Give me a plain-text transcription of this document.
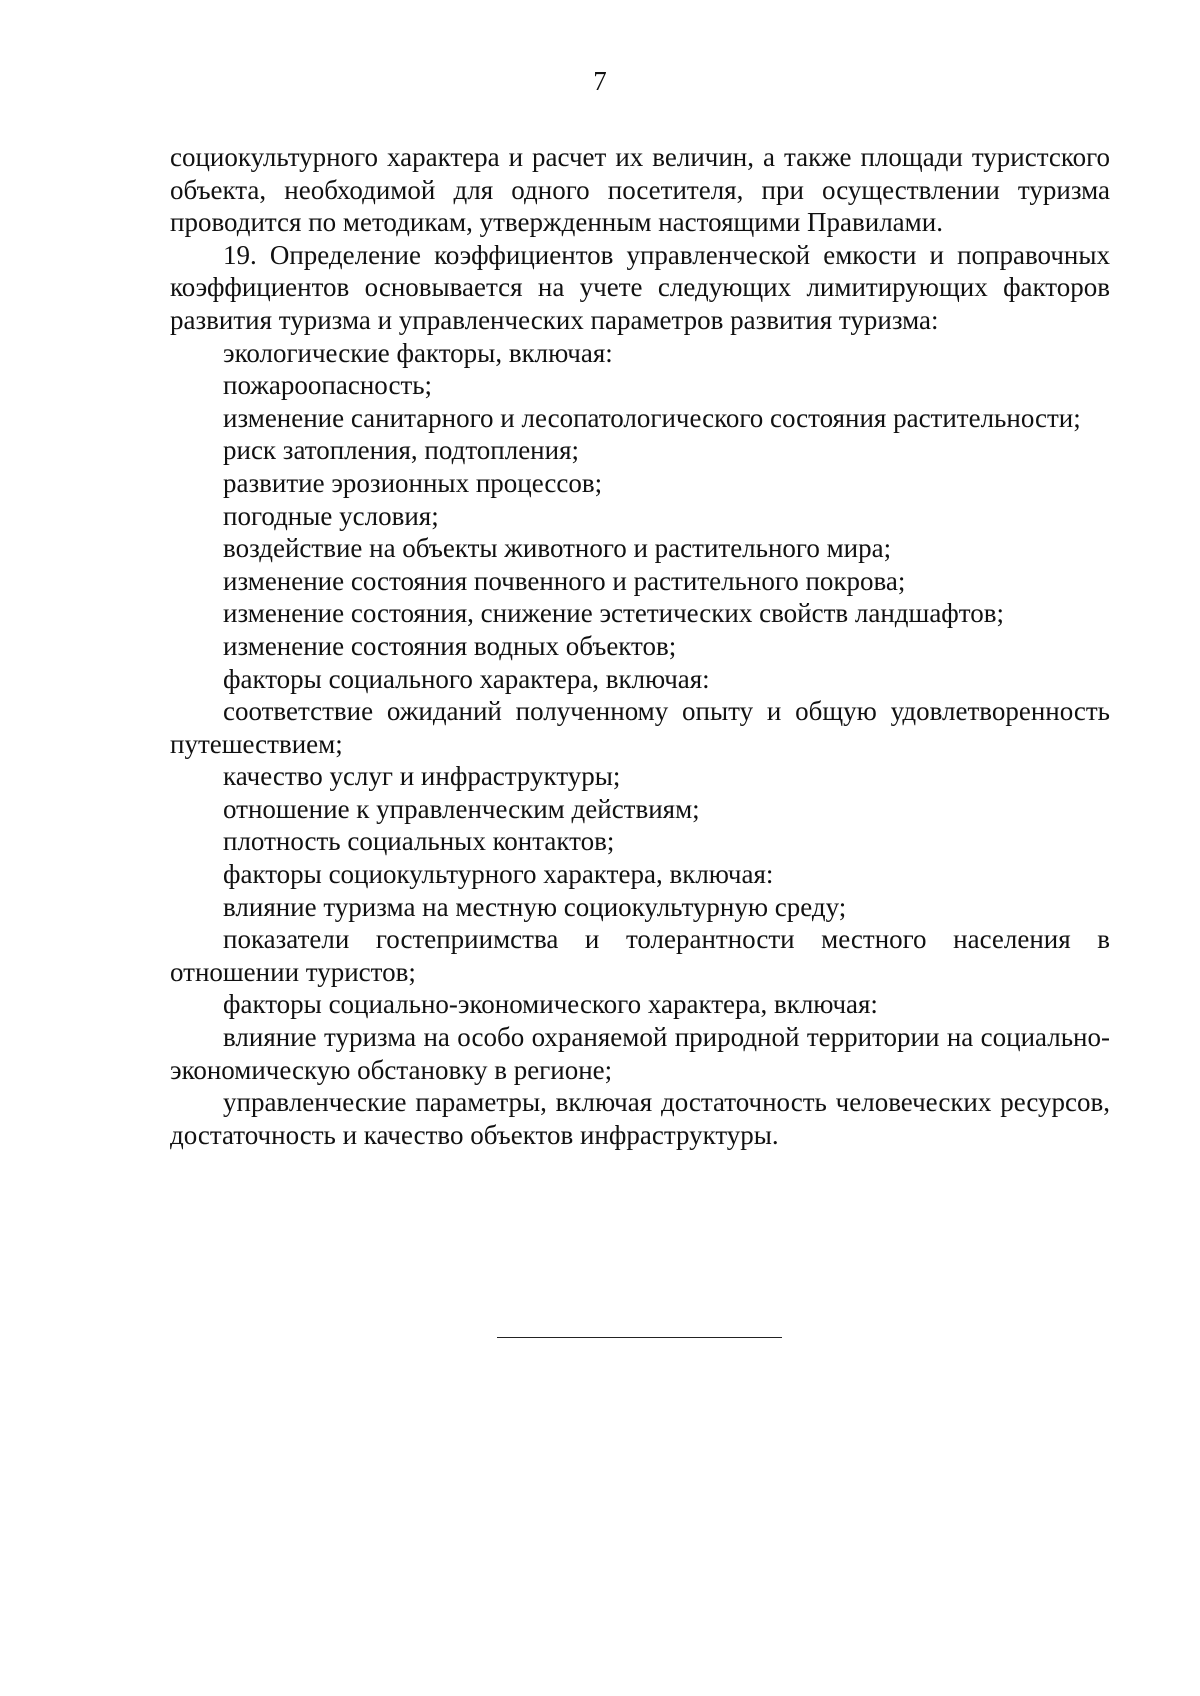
7

социокультурного характера и расчет их величин, а также площади туристского объекта, необходимой для одного посетителя, при осуществлении туризма проводится по методикам, утвержденным настоящими Правилами.

19. Определение коэффициентов управленческой емкости и поправочных коэффициентов основывается на учете следующих лимитирующих факторов развития туризма и управленческих параметров развития туризма:

экологические факторы, включая:

пожароопасность;

изменение санитарного и лесопатологического состояния растительности;

риск затопления, подтопления;

развитие эрозионных процессов;

погодные условия;

воздействие на объекты животного и растительного мира;

изменение состояния почвенного и растительного покрова;

изменение состояния, снижение эстетических свойств ландшафтов;

изменение состояния водных объектов;

факторы социального характера, включая:

соответствие ожиданий полученному опыту и общую удовлетворенность путешествием;

качество услуг и инфраструктуры;

отношение к управленческим действиям;

плотность социальных контактов;

факторы социокультурного характера, включая:

влияние туризма на местную социокультурную среду;

показатели гостеприимства и толерантности местного населения в отношении туристов;

факторы социально-экономического характера, включая:

влияние туризма на особо охраняемой природной территории на социально-экономическую обстановку в регионе;

управленческие параметры, включая достаточность человеческих ресурсов, достаточность и качество объектов инфраструктуры.
